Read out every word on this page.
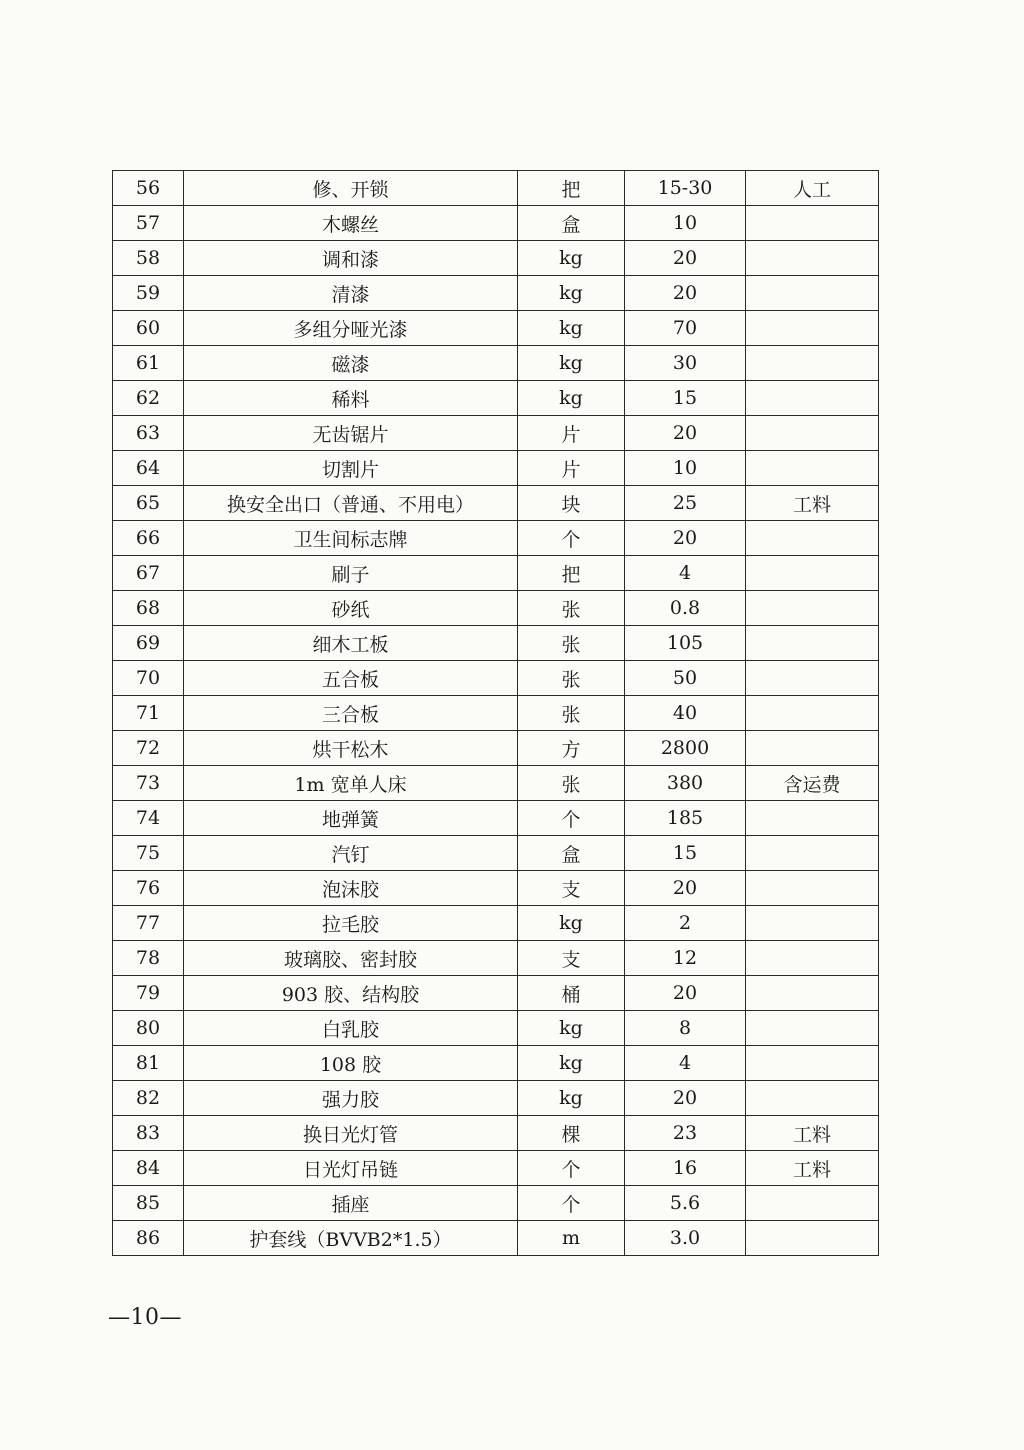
56	修、开锁	把	15-30	人工
57	木螺丝	盒	10	
58	调和漆	kg	20	
59	清漆	kg	20	
60	多组分哑光漆	kg	70	
61	磁漆	kg	30	
62	稀料	kg	15	
63	无齿锯片	片	20	
64	切割片	片	10	
65	换安全出口（普通、不用电）	块	25	工料
66	卫生间标志牌	个	20	
67	刷子	把	4	
68	砂纸	张	0.8	
69	细木工板	张	105	
70	五合板	张	50	
71	三合板	张	40	
72	烘干松木	方	2800	
73	1m 宽单人床	张	380	含运费
74	地弹簧	个	185	
75	汽钉	盒	15	
76	泡沫胶	支	20	
77	拉毛胶	kg	2	
78	玻璃胶、密封胶	支	12	
79	903 胶、结构胶	桶	20	
80	白乳胶	kg	8	
81	108 胶	kg	4	
82	强力胶	kg	20	
83	换日光灯管	棵	23	工料
84	日光灯吊链	个	16	工料
85	插座	个	5.6	
86	护套线（BVVB2*1.5）	m	3.0	
—10—
